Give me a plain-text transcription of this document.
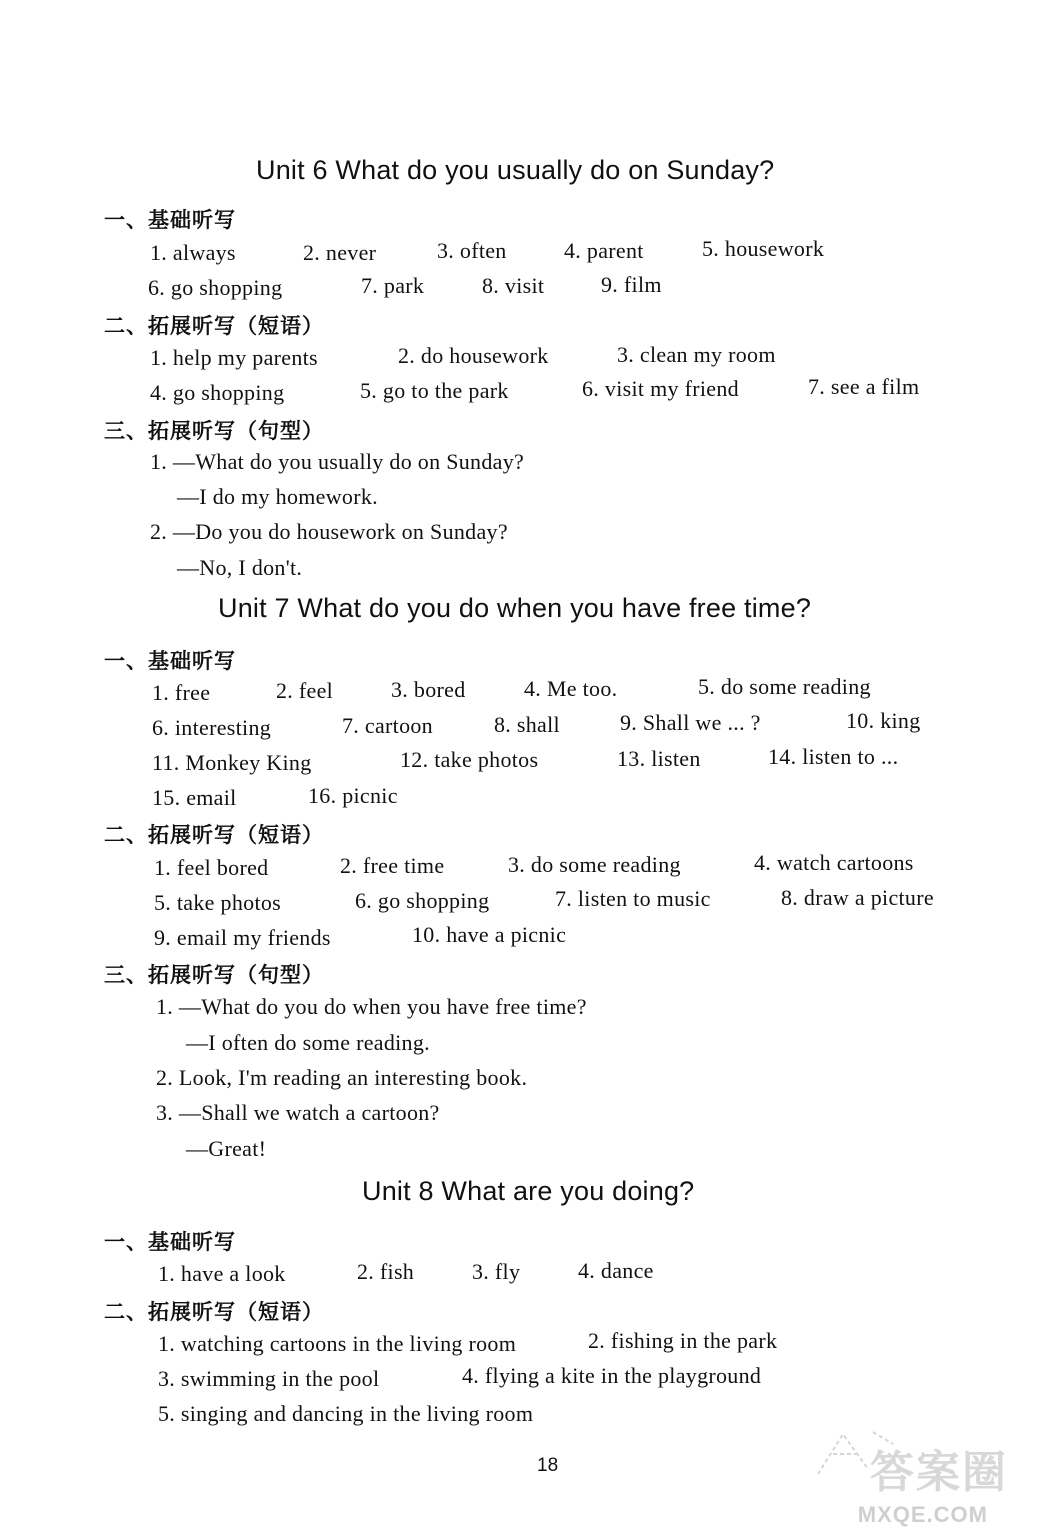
Unit 6 What do you usually do on Sunday?
一、基础听写
1. always	2. never	3. often	4. parent	5. housework
6. go shopping	7. park	8. visit	9. film
二、拓展听写（短语）
1. help my parents	2. do housework	3. clean my room
4. go shopping	5. go to the park	6. visit my friend	7. see a film
三、拓展听写（句型）
1. —What do you usually do on Sunday?
—I do my homework.
2. —Do you do housework on Sunday?
—No, I don't.
Unit 7 What do you do when you have free time?
一、基础听写
1. free	2. feel	3. bored	4. Me too.	5. do some reading
6. interesting	7. cartoon	8. shall	9. Shall we ... ?	10. king
11. Monkey King	12. take photos	13. listen	14. listen to ...
15. email	16. picnic
二、拓展听写（短语）
1. feel bored	2. free time	3. do some reading	4. watch cartoons
5. take photos	6. go shopping	7. listen to music	8. draw a picture
9. email my friends	10. have a picnic
三、拓展听写（句型）
1. —What do you do when you have free time?
—I often do some reading.
2. Look, I'm reading an interesting book.
3. —Shall we watch a cartoon?
—Great!
Unit 8 What are you doing?
一、基础听写
1. have a look	2. fish	3. fly	4. dance
二、拓展听写（短语）
1. watching cartoons in the living room	2. fishing in the park
3. swimming in the pool	4. flying a kite in the playground
5. singing and dancing in the living room
18	答案圈
MXQE.COM
